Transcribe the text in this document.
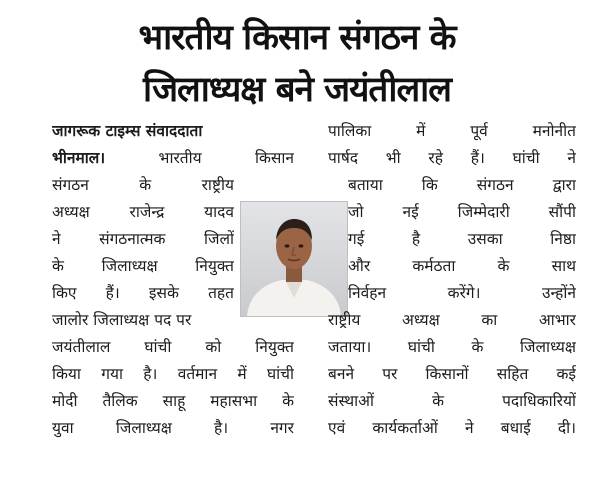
भारतीय किसान संगठन के
जिलाध्यक्ष बने जयंतीलाल
जागरूक टाइम्स संवाददाता
भीनमाल।	भारतीय किसान
संगठन के राष्ट्रीय
अध्यक्ष राजेन्द्र यादव
ने संगठनात्मक जिलों
के जिलाध्यक्ष नियुक्त
किए हैं। इसके तहत
जालोर जिलाध्यक्ष पद पर
जयंतीलाल घांची को नियुक्त
किया गया है। वर्तमान में घांची
मोदी तैलिक साहू महासभा के
युवा जिलाध्यक्ष है। नगर
पालिका में पूर्व मनोनीत
पार्षद भी रहे हैं। घांची ने
बताया कि संगठन द्वारा
जो नई जिम्मेदारी सौंपी
गई है उसका निष्ठा
और कर्मठता के साथ
निर्वहन करेंगे। उन्होंने
राष्ट्रीय अध्यक्ष का आभार
जताया। घांची के जिलाध्यक्ष
बनने पर किसानों सहित कई
संस्थाओं के पदाधिकारियों
एवं कार्यकर्ताओं ने बधाई दी।
